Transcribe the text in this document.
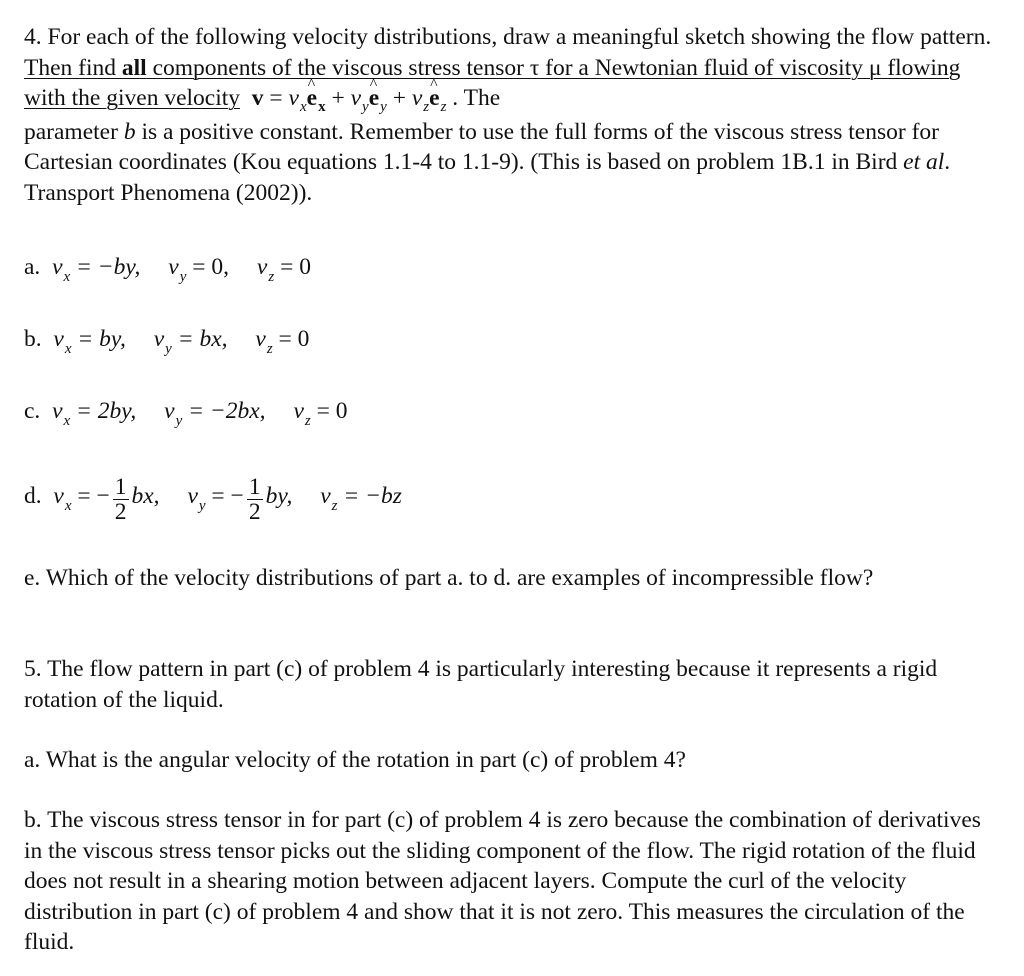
4. For each of the following velocity distributions, draw a meaningful sketch showing the flow pattern. Then find all components of the viscous stress tensor τ for a Newtonian fluid of viscosity μ flowing with the given velocity $v = v_x\^{}$ $e_x$ + $v_y\^{}$ $e_y$ + $v_z\^{}$ $e_z$ . The
parameter b is a positive constant. Remember to use the full forms of the viscous stress tensor for Cartesian coordinates (Kou equations 1.1-4 to 1.1-9). (This is based on problem 1B.1 in Bird et al. Transport Phenomena (2002)).
a. $v_x = -by$, $v_y = 0$, $v_z = 0$
b. $v_x$ = by, $v_y$ = bx, $v_z = 0$
c. $v_x = 2by$, $v_y = -2bx$, $v_z = 0$
d. $v_x$ = − $\frac{1}{2}$ bx, $v_y$ = − $\frac{1}{2}$ by, $v_z = -bz$
e. Which of the velocity distributions of part a. to d. are examples of incompressible flow?
5. The flow pattern in part (c) of problem 4 is particularly interesting because it represents a rigid rotation of the liquid.
a. What is the angular velocity of the rotation in part (c) of problem 4?
b. The viscous stress tensor in for part (c) of problem 4 is zero because the combination of derivatives in the viscous stress tensor picks out the sliding component of the flow. The rigid rotation of the fluid does not result in a shearing motion between adjacent layers. Compute the curl of the velocity distribution in part (c) of problem 4 and show that it is not zero. This measures the circulation of the fluid.
